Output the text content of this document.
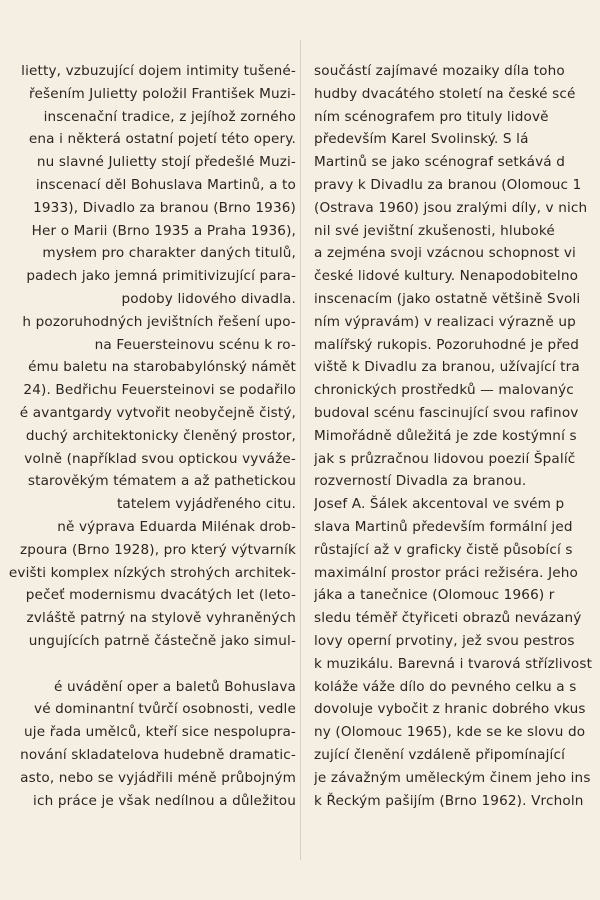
lietty, vzbuzující dojem intimity tušené-
řešením Julietty položil František Muzi-
inscenační tradice, z jejíhož zorného
ena i některá ostatní pojetí této opery.
nu slavné Julietty stojí předešlé Muzi-
inscenací děl Bohuslava Martinů, a to
1933), Divadlo za branou (Brno 1936)
Her o Marii (Brno 1935 a Praha 1936),
mysłem pro charakter daných titulů,
padech jako jemná primitivizující para-
podoby lidového divadla.
h pozoruhodných jevištních řešení upo-
na Feuersteinovu scénu k ro-
ému baletu na starobabylónský námět
24). Bedřichu Feuersteinovi se podařilo
é avantgardy vytvořit neobyčejně čistý,
duchý architektonicky členěný prostor,
volně (například svou optickou vyváže-
starověkým tématem a až pathetickou
tatelem vyjádřeného citu.
ně výprava Eduarda Milénak drob-
zpoura (Brno 1928), pro který výtvarník
evišti komplex nízkých strohých architek-
pečeť modernismu dvacátých let (leto-
zvláště patrný na stylově vyhraněných
ungujících patrně částečně jako simul-
é uvádění oper a baletů Bohuslava
vé dominantní tvůrčí osobnosti, vedle
uje řada umělců, kteří sice nespolupra-
nování skladatelova hudebně dramatic-
asto, nebo se vyjádřili méně průbojným
ich práce je však nedílnou a důležitou
součástí zajímavé mozaiky díla toho
hudby dvacátého století na české scé
ním scénografem pro tituly lidově
především Karel Svolinský. S lá
Martinů se jako scénograf setkává d
pravy k Divadlu za branou (Olomouc 1
(Ostrava 1960) jsou zralými díly, v nich
nil své jevištní zkušenosti, hluboké
a zejména svoji vzácnou schopnost vi
české lidové kultury. Nenapodobitelno
inscenacím (jako ostatně většině Svoli
ním výpravám) v realizaci výrazně up
malířský rukopis. Pozoruhodné je před
viště k Divadlu za branou, užívající tra
chronických prostředků — malovanýc
budoval scénu fascinující svou rafinov
Mimořádně důležitá je zde kostýmní s
jak s průzračnou lidovou poezií Špalíč
rozverností Divadla za branou.
Josef A. Šálek akcentoval ve svém p
slava Martinů především formální jed
růstající až v graficky čistě působící s
maximální prostor práci režiséra. Jeho
jáka a tanečnice (Olomouc 1966) r
sledu téměř čtyřiceti obrazů nevázaný
lovy operní prvotiny, jež svou pestros
k muzikálu. Barevná i tvarová střízlivost
koláže váže dílo do pevného celku a s
dovoluje vybočit z hranic dobrého vkus
ny (Olomouc 1965), kde se ke slovu do
zující členění vzdáleně připomínající
je závažným uměleckým činem jeho ins
k Řeckým pašijím (Brno 1962). Vrcholn
